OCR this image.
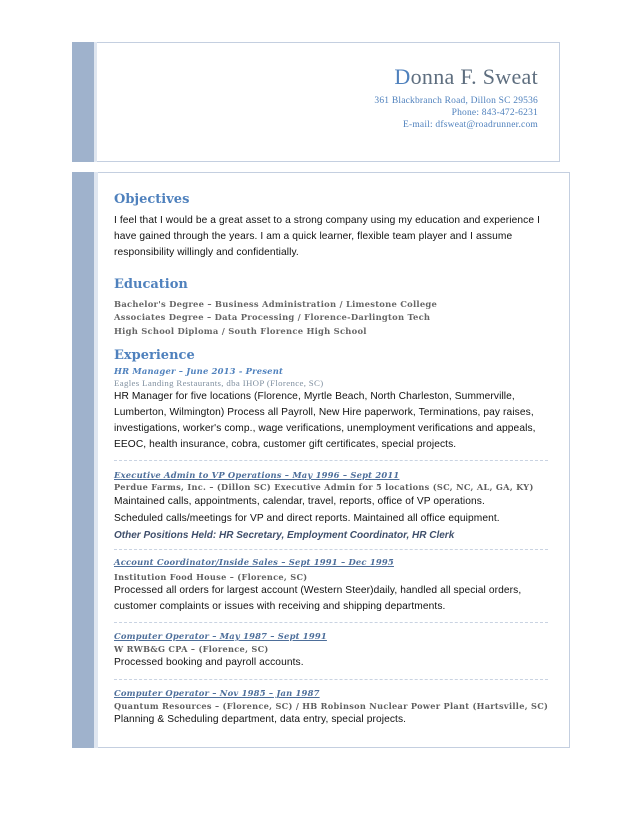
Donna F. Sweat
361 Blackbranch Road, Dillon SC 29536
Phone: 843-472-6231
E-mail: dfsweat@roadrunner.com
Objectives
I feel that I would be a great asset to a strong company using my education and experience I
have gained through the years. I am a quick learner, flexible team player and I assume
responsibility willingly and confidentially.
Education
Bachelor's Degree – Business Administration / Limestone College
Associates Degree – Data Processing / Florence-Darlington Tech
High School Diploma / South Florence High School
Experience
HR Manager – June 2013 - Present
Eagles Landing Restaurants, dba IHOP (Florence, SC)
HR Manager for five locations (Florence, Myrtle Beach, North Charleston, Summerville,
Lumberton, Wilmington) Process all Payroll, New Hire paperwork, Terminations, pay raises,
investigations, worker's comp., wage verifications, unemployment verifications and appeals,
EEOC, health insurance, cobra, customer gift certificates, special projects.
Executive Admin to VP Operations – May 1996 – Sept 2011
Perdue Farms, Inc. – (Dillon SC) Executive Admin for 5 locations (SC, NC, AL, GA, KY)
Maintained calls, appointments, calendar, travel, reports, office of VP operations.
Scheduled calls/meetings for VP and direct reports. Maintained all office equipment.
Other Positions Held: HR Secretary, Employment Coordinator, HR Clerk
Account Coordinator/Inside Sales – Sept 1991 – Dec 1995
Institution Food House – (Florence, SC)
Processed all orders for largest account (Western Steer)daily, handled all special orders,
customer complaints or issues with receiving and shipping departments.
Computer Operator – May 1987 – Sept 1991
W RWB&G CPA – (Florence, SC)
Processed booking and payroll accounts.
Computer Operator – Nov 1985 – Jan 1987
Quantum Resources – (Florence, SC) / HB Robinson Nuclear Power Plant (Hartsville, SC)
Planning & Scheduling department, data entry, special projects.
